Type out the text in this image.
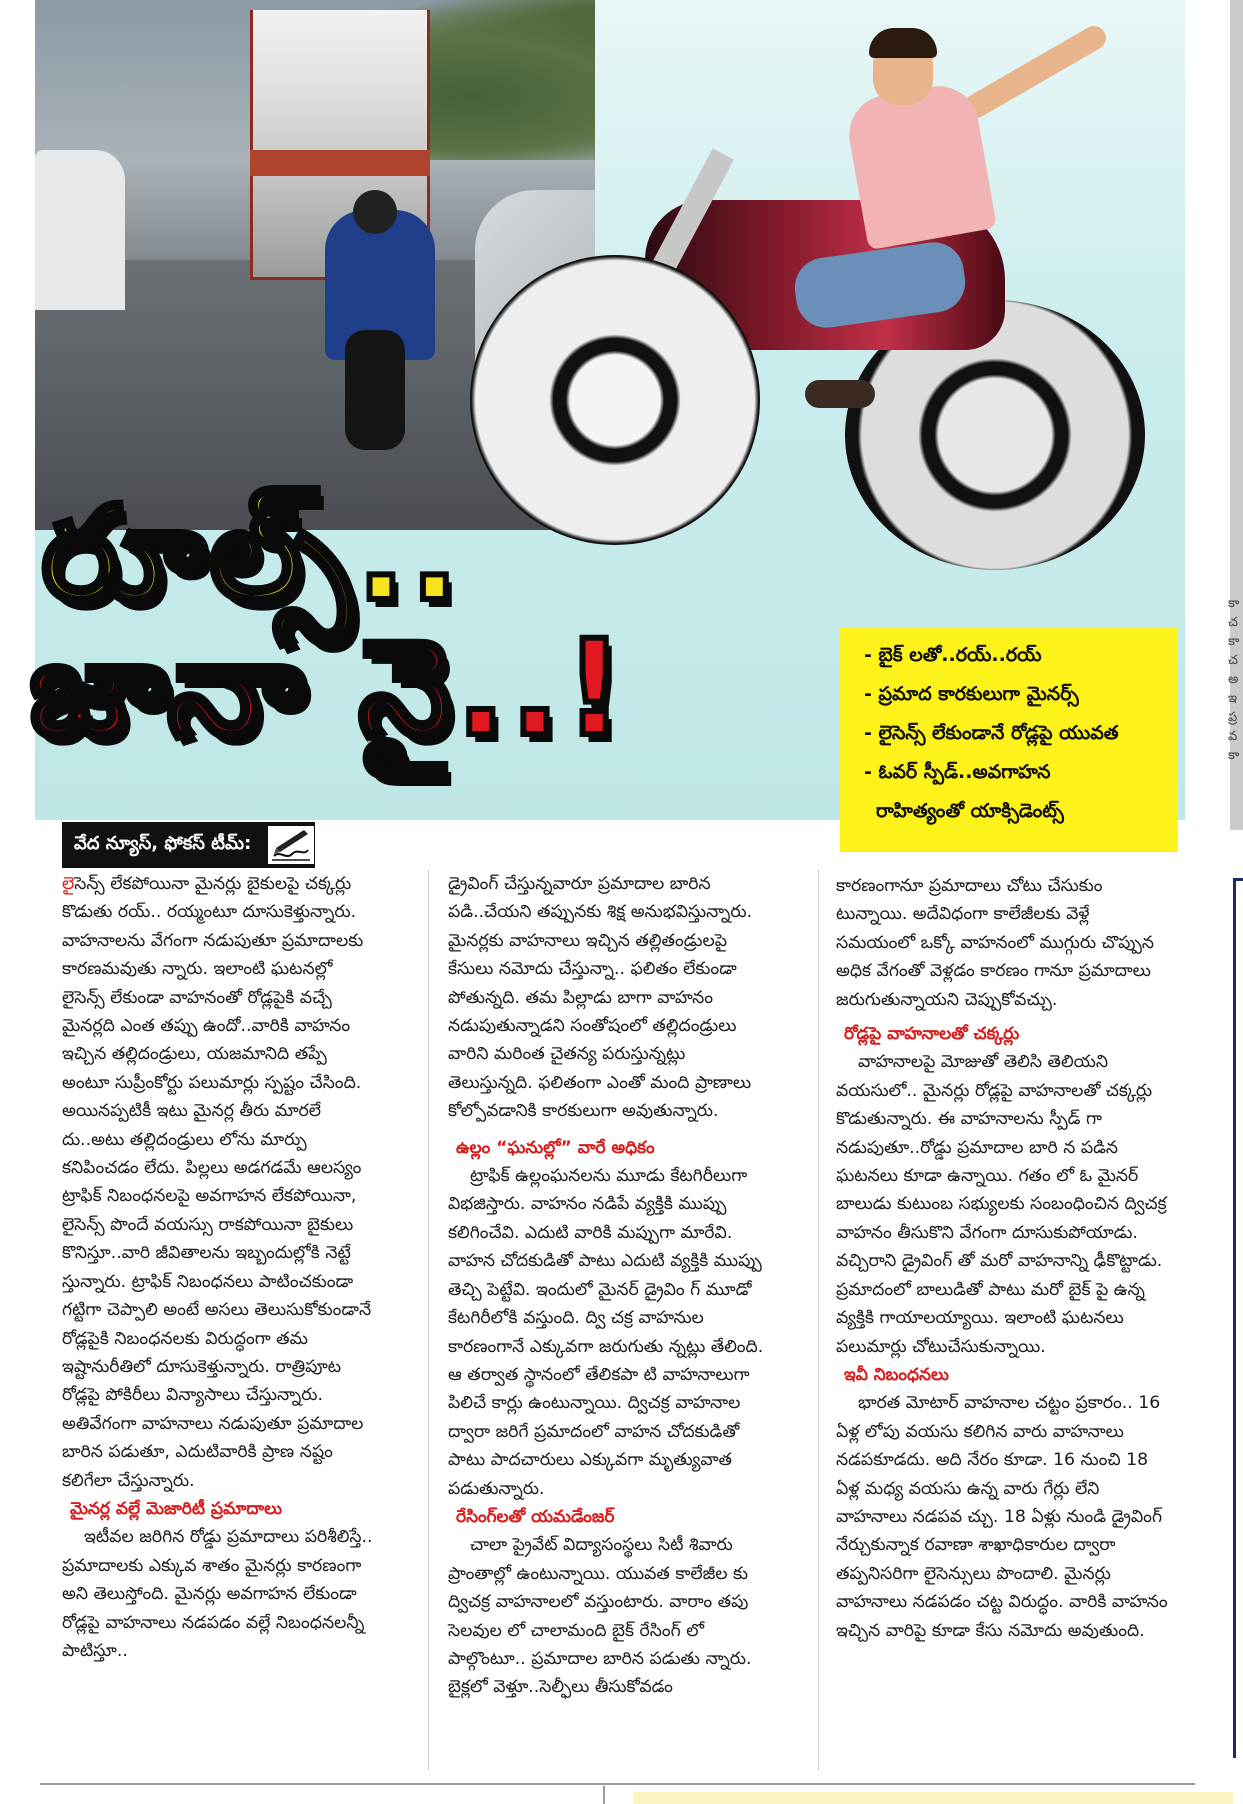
రూల్స్..
జానా నై..!	- బైక్ లతో..రయ్..రయ్
- ప్రమాద కారకులుగా మైనర్స్
- లైసెన్స్ లేకుండానే రోడ్లపై యువత
- ఓవర్ స్పీడ్..అవగాహన
రాహిత్యంతో యాక్సిడెంట్స్
కా
చ
కా
చ
అ
ఇ
ప్ర
వ
కా
వేద న్యూస్, ఫోకస్ టీమ్:

లైసెన్స్ లేకపోయినా మైనర్లు బైకులపై చక్కర్లు కొడుతు రయ్.. రయ్మంటూ దూసుకెళ్తున్నారు. వాహనాలను వేగంగా నడుపుతూ ప్రమాదాలకు కారణమవుతు న్నారు. ఇలాంటి ఘటనల్లో లైసెన్స్ లేకుండా వాహనంతో రోడ్లపైకి వచ్చే మైనర్లది ఎంత తప్పు ఉందో..వారికి వాహనం ఇచ్చిన తల్లిదండ్రులు, యజమానిది తప్పే అంటూ సుప్రీంకోర్టు పలుమార్లు స్పష్టం చేసింది. అయినప్పటికీ ఇటు మైనర్ల తీరు మారలే దు..అటు తల్లిదండ్రులు లోను మార్పు కనిపించడం లేదు. పిల్లలు అడగడమే ఆలస్యం ట్రాఫిక్ నిబంధనలపై అవగాహన లేకపోయినా, లైసెన్స్ పొందే వయస్సు రాకపోయినా బైకులు కొనిస్తూ..వారి జీవితాలను ఇబ్బందుల్లోకి నెట్టే స్తున్నారు. ట్రాఫిక్ నిబంధనలు పాటించకుండా గట్టిగా చెప్పాలి అంటే అసలు తెలుసుకోకుండానే రోడ్లపైకి నిబంధనలకు విరుద్ధంగా తమ ఇష్టానురీతిలో దూసుకెళ్తున్నారు. రాత్రిపూట రోడ్లపై పోకిరీలు విన్యాసాలు చేస్తున్నారు. అతివేగంగా వాహనాలు నడుపుతూ ప్రమాదాల బారిన పడుతూ, ఎదుటివారికి ప్రాణ నష్టం కలిగేలా చేస్తున్నారు.

మైనర్ల వల్లే మెజారిటీ ప్రమాదాలు

ఇటీవల జరిగిన రోడ్డు ప్రమాదాలు పరిశీలిస్తే.. ప్రమాదాలకు ఎక్కువ శాతం మైనర్లు కారణంగా అని తెలుస్తోంది. మైనర్లు అవగాహన లేకుండా రోడ్లపై వాహనాలు నడపడం వల్లే నిబంధనలన్నీ పాటిస్తూ..

డ్రైవింగ్ చేస్తున్నవారూ ప్రమాదాల బారిన పడి..చేయని తప్పునకు శిక్ష అనుభవిస్తున్నారు. మైనర్లకు వాహనాలు ఇచ్చిన తల్లితండ్రులపై కేసులు నమోదు చేస్తున్నా.. ఫలితం లేకుండా పోతున్నది. తమ పిల్లాడు బాగా వాహనం నడుపుతున్నాడని సంతోషంలో తల్లిదండ్రులు వారిని మరింత చైతన్య పరుస్తున్నట్లు తెలుస్తున్నది. ఫలితంగా ఎంతో మంది ప్రాణాలు కోల్పోవడానికి కారకులుగా అవుతున్నారు.

ఉల్లం “ఘనుల్లో” వారే అధికం

ట్రాఫిక్ ఉల్లంఘనలను మూడు కేటగిరీలుగా విభజిస్తారు. వాహనం నడిపే వ్యక్తికి ముప్పు కలిగించేవి. ఎదుటి వారికి మప్పుగా మారేవి. వాహన చోదకుడితో పాటు ఎదుటి వ్యక్తికి ముప్పు తెచ్చి పెట్టేవి. ఇందులో మైనర్ డ్రైవిం గ్ మూడో కేటగిరీలోకి వస్తుంది. ద్వి చక్ర వాహనుల కారణంగానే ఎక్కువగా జరుగుతు న్నట్లు తేలింది. ఆ తర్వాత స్థానంలో తేలికపా టి వాహనాలుగా పిలిచే కార్లు ఉంటున్నాయి. ద్విచక్ర వాహనాల ద్వారా జరిగే ప్రమాదంలో వాహన చోదకుడితో పాటు పాదచారులు ఎక్కువగా మృత్యువాత పడుతున్నారు.

రేసింగ్‌లతో యమడేంజర్

చాలా ప్రైవేట్ విద్యాసంస్థలు సిటీ శివారు ప్రాంతాల్లో ఉంటున్నాయి. యువత కాలేజీల కు ద్విచక్ర వాహనాలలో వస్తుంటారు. వారాం తపు సెలవుల లో చాలామంది బైక్ రేసింగ్ లో పాల్గొంటూ.. ప్రమాదాల బారిన పడుతు న్నారు. బైక్లలో వెళ్తూ..సెల్ఫీలు తీసుకోవడం

కారణంగానూ ప్రమాదాలు చోటు చేసుకుం టున్నాయి. అదేవిధంగా కాలేజీలకు వెళ్లే సమయంలో ఒక్కో వాహనంలో ముగ్గురు చొప్పున అధిక వేగంతో వెళ్లడం కారణం గానూ ప్రమాదాలు జరుగుతున్నాయని చెప్పుకోవచ్చు.

రోడ్లపై వాహనాలతో చక్కర్లు

వాహనాలపై మోజుతో తెలిసి తెలియని వయసులో.. మైనర్లు రోడ్లపై వాహనాలతో చక్కర్లు కొడుతున్నారు. ఈ వాహనాలను స్పీడ్ గా నడుపుతూ..రోడ్డు ప్రమాదాల బారి న పడిన ఘటనలు కూడా ఉన్నాయి. గతం లో ఓ మైనర్ బాలుడు కుటుంబ సభ్యులకు సంబంధించిన ద్విచక్ర వాహనం తీసుకొని వేగంగా దూసుకుపోయాడు. వచ్చిరాని డ్రైవింగ్ తో మరో వాహనాన్ని ఢీకొట్టాడు. ప్రమాదంలో బాలుడితో పాటు మరో బైక్ పై ఉన్న వ్యక్తికి గాయాలయ్యాయి. ఇలాంటి ఘటనలు పలుమార్లు చోటుచేసుకున్నాయి.

ఇవీ నిబంధనలు

భారత మోటార్ వాహనాల చట్టం ప్రకారం.. 16 ఏళ్ల లోపు వయసు కలిగిన వారు వాహనాలు నడపకూడదు. అది నేరం కూడా. 16 నుంచి 18 ఏళ్ల మధ్య వయసు ఉన్న వారు గేర్లు లేని వాహనాలు నడపవ చ్చు. 18 ఏళ్లు నుండి డ్రైవింగ్ నేర్చుకున్నాక రవాణా శాఖాధికారుల ద్వారా తప్పనిసరిగా లైసెన్సులు పొందాలి. మైనర్లు వాహనాలు నడపడం చట్ట విరుద్ధం. వారికి వాహనం ఇచ్చిన వారిపై కూడా కేసు నమోదు అవుతుంది.
